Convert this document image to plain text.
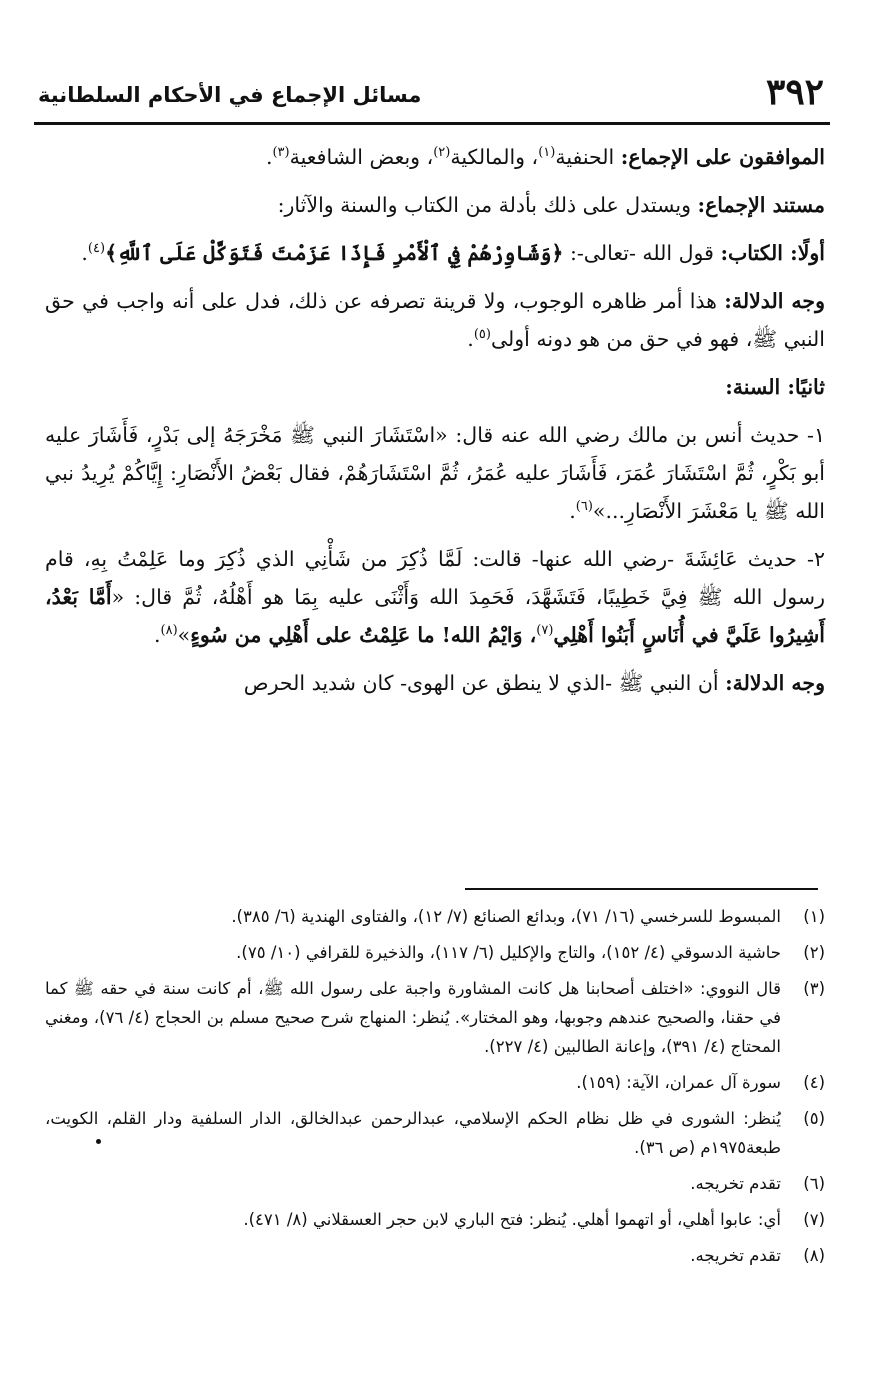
٣٩٢
مسائل الإجماع في الأحكام السلطانية

الموافقون على الإجماع: الحنفية$^{(١)}$، والمالكية$^{(٢)}$، وبعض الشافعية$^{(٣)}$.

مستند الإجماع: ويستدل على ذلك بأدلة من الكتاب والسنة والآثار:

أولًا: الكتاب: قول الله -تعالى-: ﴿وَشَاوِرْهُمْ فِي ٱلْأَمْرِ فَإِذَا عَزَمْتَ فَتَوَكَّلْ عَلَى ٱللَّهِ﴾$^{(٤)}$.

وجه الدلالة: هذا أمر ظاهره الوجوب، ولا قرينة تصرفه عن ذلك، فدل على أنه واجب في حق النبي ﷺ، فهو في حق من هو دونه أولى$^{(٥)}$.

ثانيًا: السنة:

١- حديث أنس بن مالك رضي الله عنه قال: «اسْتَشَارَ النبي ﷺ مَخْرَجَهُ إلى بَدْرٍ، فَأَشَارَ عليه أبو بَكْرٍ، ثُمَّ اسْتَشَارَ عُمَرَ، فَأَشَارَ عليه عُمَرُ، ثُمَّ اسْتَشَارَهُمْ، فقال بَعْضُ الأَنْصَارِ: إِيَّاكُمْ يُرِيدُ نبي الله ﷺ يا مَعْشَرَ الأَنْصَارِ...»$^{(٦)}$.

٢- حديث عَائِشَةَ -رضي الله عنها- قالت: لَمَّا ذُكِرَ من شَأْنِي الذي ذُكِرَ وما عَلِمْتُ بِهِ، قام رسول الله ﷺ فِيَّ خَطِيبًا، فَتَشَهَّدَ، فَحَمِدَ الله وَأَثْنَى عليه بِمَا هو أَهْلُهُ، ثُمَّ قال: «أَمَّا بَعْدُ، أَشِيرُوا عَلَيَّ في أُنَاسٍ أَبَنُوا أَهْلِي$^{(٧)}$، وَايْمُ الله! ما عَلِمْتُ على أَهْلِي من سُوءٍ»$^{(٨)}$.

وجه الدلالة: أن النبي ﷺ -الذي لا ينطق عن الهوى- كان شديد الحرص

(١)
المبسوط للسرخسي (١٦/ ٧١)، وبدائع الصنائع (٧/ ١٢)، والفتاوى الهندية (٦/ ٣٨٥).
(٢)
حاشية الدسوقي (٤/ ١٥٢)، والتاج والإكليل (٦/ ١١٧)، والذخيرة للقرافي (١٠/ ٧٥).
(٣)
قال النووي: «اختلف أصحابنا هل كانت المشاورة واجبة على رسول الله ﷺ، أم كانت سنة في حقه ﷺ كما في حقنا، والصحيح عندهم وجوبها، وهو المختار». يُنظر: المنهاج شرح صحيح مسلم بن الحجاج (٤/ ٧٦)، ومغني المحتاج (٤/ ٣٩١)، وإعانة الطالبين (٤/ ٢٢٧).
(٤)
سورة آل عمران، الآية: (١٥٩).
(٥)
يُنظر: الشورى في ظل نظام الحكم الإسلامي، عبدالرحمن عبدالخالق، الدار السلفية ودار القلم، الكويت، طبعة١٩٧٥م (ص ٣٦).
(٦)
تقدم تخريجه.
(٧)
أي: عابوا أهلي، أو اتهموا أهلي. يُنظر: فتح الباري لابن حجر العسقلاني (٨/ ٤٧١).
(٨)
تقدم تخريجه.
